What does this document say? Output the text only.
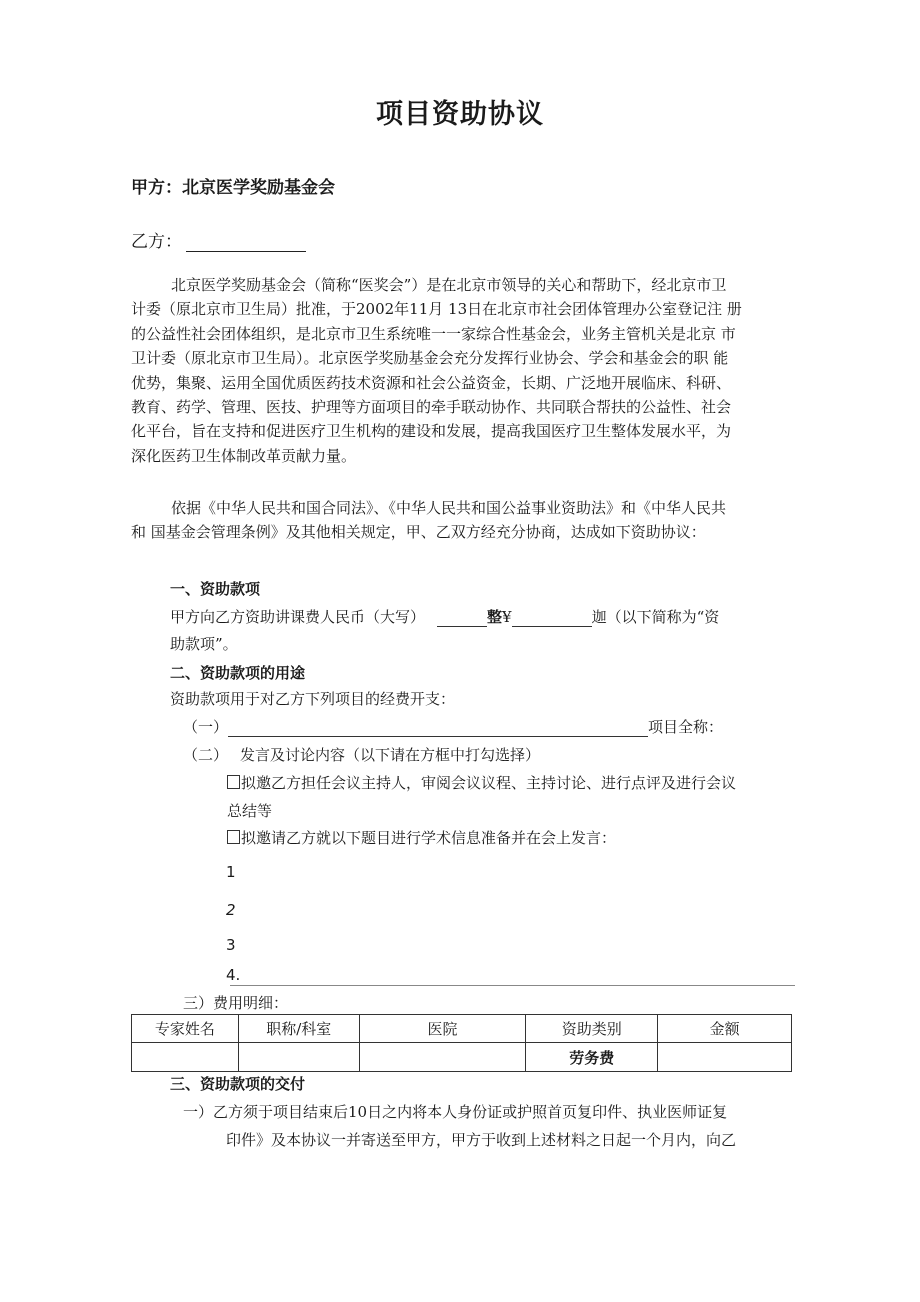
项目资助协议
甲方：北京医学奖励基金会
乙方：
北京医学奖励基金会（简称“医奖会”）是在北京市领导的关心和帮助下，经北京市卫
计委（原北京市卫生局）批准，于2002年11月 13日在北京市社会团体管理办公室登记注 册
的公益性社会团体组织，是北京市卫生系统唯一一家综合性基金会，业务主管机关是北京 市
卫计委（原北京市卫生局）。北京医学奖励基金会充分发挥行业协会、学会和基金会的职 能
优势，集聚、运用全国优质医药技术资源和社会公益资金，长期、广泛地开展临床、科研、
教育、药学、管理、医技、护理等方面项目的牵手联动协作、共同联合帮扶的公益性、社会
化平台，旨在支持和促进医疗卫生机构的建设和发展，提高我国医疗卫生整体发展水平，为
深化医药卫生体制改革贡献力量。
依据《中华人民共和国合同法》、《中华人民共和国公益事业资助法》和《中华人民共
和 国基金会管理条例》及其他相关规定，甲、乙双方经充分协商，达成如下资助协议：
一、资助款项
甲方向乙方资助讲课费人民币（大写）	整¥	迦（以下简称为“资
助款项”。
二、资助款项的用途
资助款项用于对乙方下列项目的经费开支：
（一）	项目全称：
（二） 发言及讨论内容（以下请在方框中打勾选择）
拟邀乙方担任会议主持人，审阅会议议程、主持讨论、进行点评及进行会议
总结等
拟邀请乙方就以下题目进行学术信息准备并在会上发言：
1
2
3
4.
三）费用明细：
专家姓名	职称/科室	医院	资助类别	金额
			劳务费	
三、资助款项的交付
一）乙方须于项目结束后10日之内将本人身份证或护照首页复印件、执业医师证复
印件》及本协议一并寄送至甲方，甲方于收到上述材料之日起一个月内，向乙
